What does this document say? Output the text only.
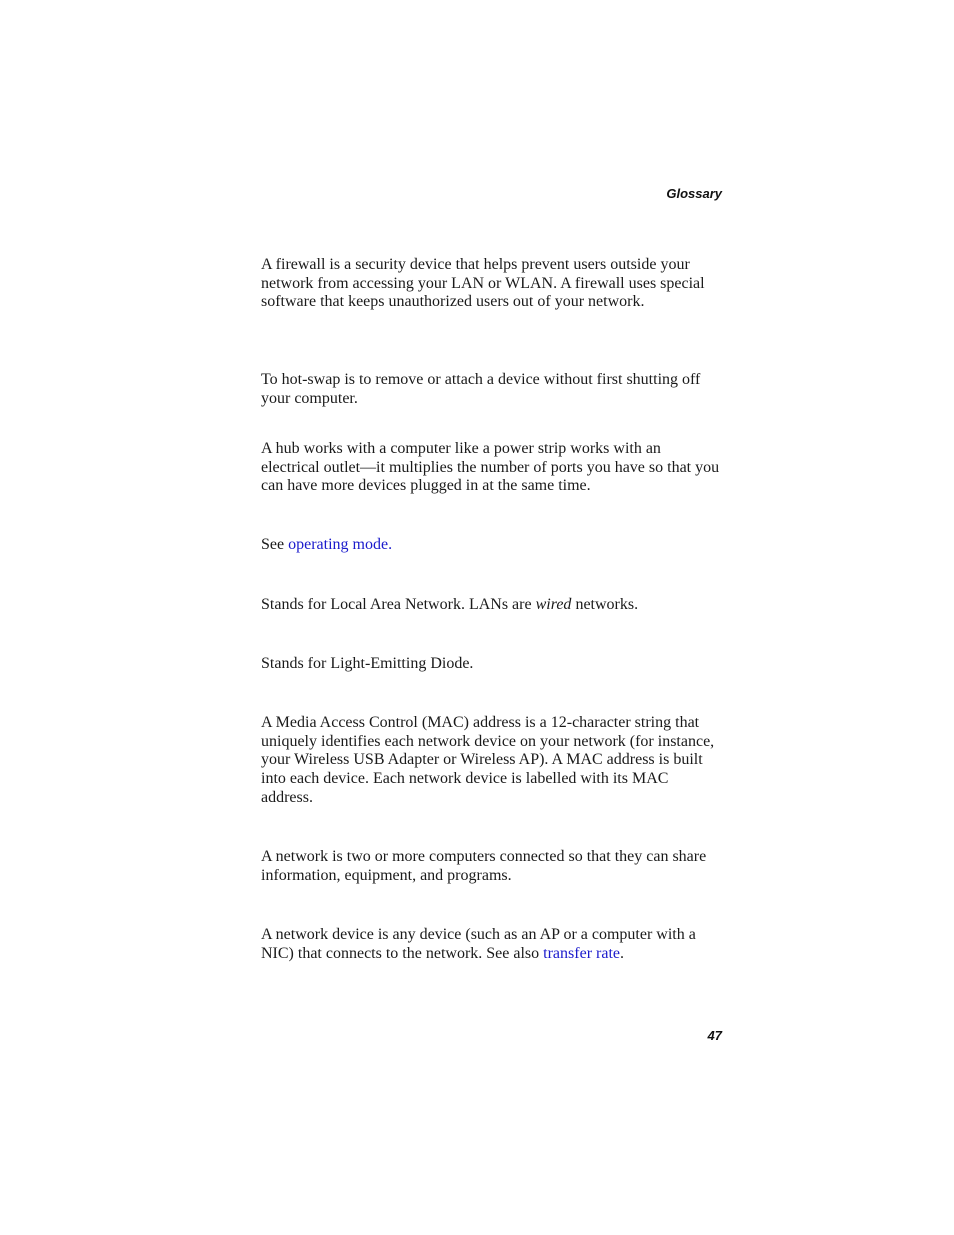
Glossary

A firewall is a security device that helps prevent users outside your network from accessing your LAN or WLAN. A firewall uses special software that keeps unauthorized users out of your network.

To hot-swap is to remove or attach a device without first shutting off your computer.

A hub works with a computer like a power strip works with an electrical outlet—it multiplies the number of ports you have so that you can have more devices plugged in at the same time.

See operating mode.

Stands for Local Area Network. LANs are wired networks.

Stands for Light-Emitting Diode.

A Media Access Control (MAC) address is a 12-character string that uniquely identifies each network device on your network (for instance, your Wireless USB Adapter or Wireless AP). A MAC address is built into each device. Each network device is labelled with its MAC address.

A network is two or more computers connected so that they can share information, equipment, and programs.

A network device is any device (such as an AP or a computer with a NIC) that connects to the network. See also transfer rate.

47
